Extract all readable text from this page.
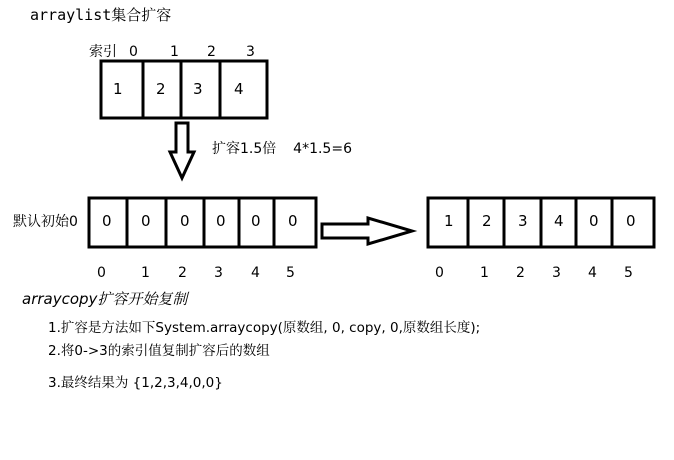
arraylist集合扩容
索引 0 1 2 3
1 2 3 4
扩容1.5倍 4*1.5=6
默认初始0 0 0 0 0 0 0
0	1 2 3 4 5
1 2 3 4 0 0
0	1 2 3 4 5
arraycopy扩容开始复制
1.扩容是方法如下System.arraycopy(原数组, 0, copy, 0,原数组长度);
2.将0->3的索引值复制扩容后的数组
3.最终结果为 {1,2,3,4,0,0}
